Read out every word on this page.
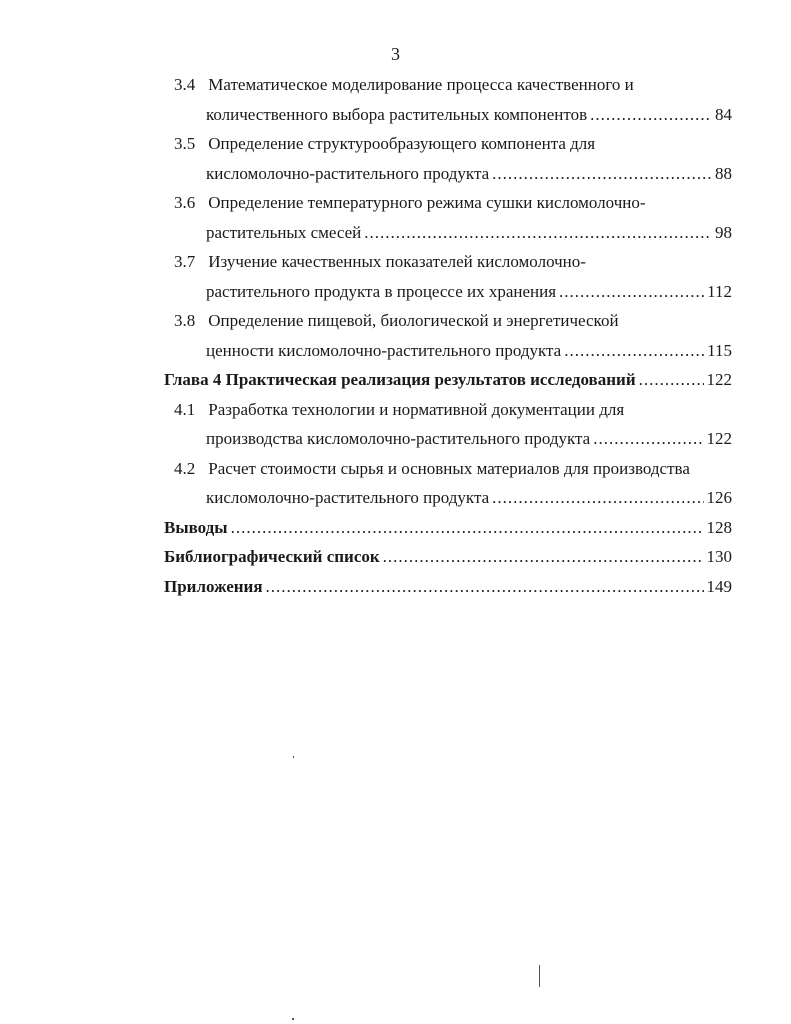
3
3.4 Математическое моделирование процесса качественного и
количественного выбора растительных компонентов .....	84
3.5 Определение структурообразующего компонента для
кисломолочно-растительного продукта .....	88
3.6 Определение температурного режима сушки кисломолочно-
растительных смесей .....	98
3.7 Изучение качественных показателей кисломолочно-
растительного продукта в процессе их хранения .....	112
3.8 Определение пищевой, биологической и энергетической
ценности кисломолочно-растительного продукта .....	115
Глава 4 Практическая реализация результатов исследований .....	122
4.1 Разработка технологии и нормативной документации для
производства кисломолочно-растительного продукта .....	122
4.2 Расчет стоимости сырья и основных материалов для производства
кисломолочно-растительного продукта .....	126
Выводы .....	128
Библиографический список .....	130
Приложения .....	149
